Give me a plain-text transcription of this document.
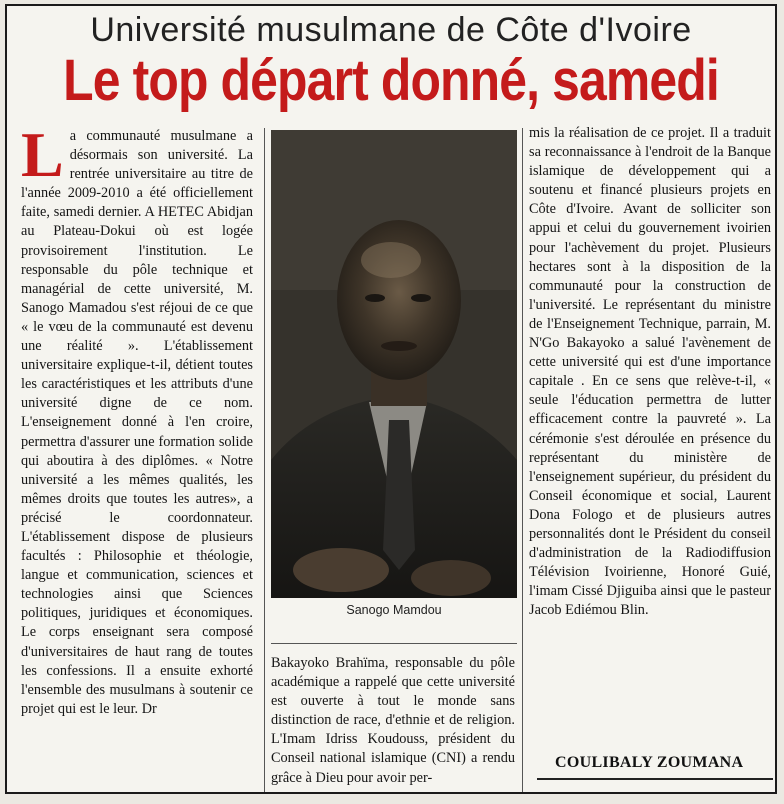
Université musulmane de Côte d'Ivoire
Le top départ donné, samedi
L a communauté musulmane a désormais son université. La rentrée universitaire au titre de l'année 2009-2010 a été officiellement faite, samedi dernier. A HETEC Abidjan au Plateau-Dokui où est logée provisoirement l'institution. Le responsable du pôle technique et managérial de cette université, M. Sanogo Mamadou s'est réjoui de ce que « le vœu de la communauté est devenu une réalité ». L'établissement universitaire explique-t-il, détient toutes les caractéristiques et les attributs d'une université digne de ce nom. L'enseignement donné à l'en croire, permettra d'assurer une formation solide qui aboutira à des diplômes. « Notre université a les mêmes qualités, les mêmes droits que toutes les autres», a précisé le coordonnateur. L'établissement dispose de plusieurs facultés : Philosophie et théologie, langue et communication, sciences et technologies ainsi que Sciences politiques, juridiques et économiques. Le corps enseignant sera composé d'universitaires de haut rang de toutes les confessions. Il a ensuite exhorté l'ensemble des musulmans à soutenir ce projet qui est le leur. Dr
Sanogo Mamdou
Bakayoko Brahïma, responsable du pôle académique a rappelé que cette université est ouverte à tout le monde sans distinction de race, d'ethnie et de religion. L'Imam Idriss Koudouss, président du Conseil national islamique (CNI) a rendu grâce à Dieu pour avoir per-
mis la réalisation de ce projet. Il a traduit sa reconnaissance à l'endroit de la Banque islamique de développement qui a soutenu et financé plusieurs projets en Côte d'Ivoire. Avant de solliciter son appui et celui du gouvernement ivoirien pour l'achèvement du projet. Plusieurs hectares sont à la disposition de la communauté pour la construction de l'université. Le représentant du ministre de l'Enseignement Technique, parrain, M. N'Go Bakayoko a salué l'avènement de cette université qui est d'une importance capitale . En ce sens que relève-t-il, « seule l'éducation permettra de lutter efficacement contre la pauvreté ». La cérémonie s'est déroulée en présence du représentant du ministère de l'enseignement supérieur, du président du Conseil économique et social, Laurent Dona Fologo et de plusieurs autres personnalités dont le Président du conseil d'administration de la Radiodiffusion Télévision Ivoirienne, Honoré Guié, l'imam Cissé Djiguiba ainsi que le pasteur Jacob Ediémou Blin.
COULIBALY ZOUMANA
